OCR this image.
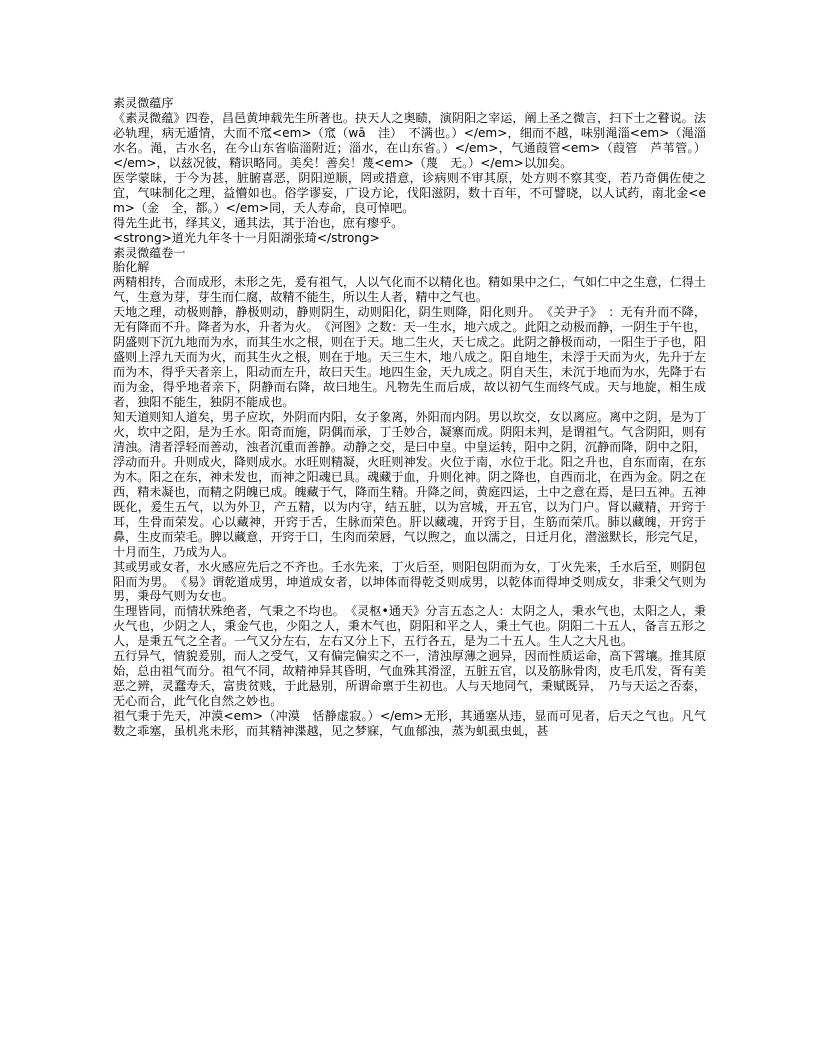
素灵微蕴序

《素灵微蕴》四卷，昌邑黄坤载先生所著也。抉天人之奥赜，演阴阳之宰运，阐上圣之微言，扫下士之瞽说。法必轨理，病无遁情，大而不窊<em>（窊（wā　洼）　不满也。）</em>，细而不越，味别渑淄<em>（渑淄　水名。渑，古水名，在今山东省临淄附近；淄水，在山东省。）</em>，气通葭管<em>（葭管　芦苇管。）</em>，以兹况彼，精识略同。美矣！善矣！蔑<em>（蔑　无。）</em>以加矣。

医学蒙昧，于今为甚，脏腑喜恶，阴阳逆顺，罔或措意，诊病则不审其原，处方则不察其变，若乃奇偶佐使之宜，气味制化之理，益懵如也。俗学谬妄，广设方论，伐阳滋阴，数十百年，不可譬晓，以人试药，南北金<em>（金　全，都。）</em>同，夭人寿命，良可悼吧。

得先生此书，绎其义，通其法，其于治也，庶有瘳乎。

<strong>道光九年冬十一月阳湖张琦</strong>

素灵微蕴卷一

胎化解

两精相抟，合而成形，未形之先，爰有祖气，人以气化而不以精化也。精如果中之仁，气如仁中之生意，仁得土气，生意为芽，芽生而仁腐，故精不能生，所以生人者，精中之气也。

天地之理，动极则静，静极则动，静则阴生，动则阳化，阴生则降，阳化则升。　《关尹子》　：无有升而不降，无有降而不升。降者为水，升者为火。　《河图》之数：天一生水，地六成之。此阳之动极而静，一阴生于午也，阴盛则下沉九地而为水，而其生水之根，则在于天。地二生火，天七成之。此阴之静极而动，一阳生于子也，阳盛则上浮九天而为火，而其生火之根，则在于地。天三生木，地八成之。阳自地生，未浮于天而为火，先升于左而为木，得乎天者亲上，阳动而左升，故曰天生。地四生金，天九成之。阴自天生，未沉于地而为水，先降于右而为金，得乎地者亲下，阴静而右降，故曰地生。凡物先生而后成，故以初气生而终气成。天与地旋，相生成者，独阳不能生，独阴不能成也。

知天道则知人道矣，男子应坎，外阴而内阳，女子象离，外阳而内阴。男以坎交，女以离应。离中之阴，是为丁火，坎中之阳，是为壬水。阳奇而施，阴偶而承，丁壬妙合，凝寨而成。阴阳未判，是谓祖气。气含阴阳，则有清浊。清者浮轻而善动，浊者沉重而善静。动静之交，是曰中皇。中皇运转，阳中之阴，沉静而降，阴中之阳，浮动而升。升则成火，降则成水。水旺则精凝，火旺则神发。火位于南，水位于北。阳之升也，自东而南，在东为木。阳之在东，神未发也，而神之阳魂已具。魂藏于血，升则化神。阴之降也，自西而北，在西为金。阴之在西，精未凝也，而精之阴魄已成。魄藏于气，降而生精。升降之间，黄庭四运，土中之意在焉，是曰五神。五神既化，爰生五气，以为外卫，产五精，以为内守，结五脏，以为宫城，开五官，以为门户。肾以藏精，开窍于耳，生骨而荣发。心以藏神，开窍于舌，生脉而荣色。肝以藏魂，开窍于目，生筋而荣爪。肺以藏魄，开窍于鼻，生皮而荣毛。脾以藏意，开窍于口，生肉而荣唇，气以煦之，血以濡之，日迁月化，潜滋默长，形完气足，十月而生，乃成为人。

其或男或女者，水火感应先后之不齐也。壬水先来，丁火后至，则阳包阴而为女，丁火先来，壬水后至，则阴包阳而为男。　《易》谓乾道成男，坤道成女者，以坤体而得乾爻则成男，以乾体而得坤爻则成女，非秉父气则为男，秉母气则为女也。

生理皆同，而情状殊绝者，气秉之不均也。　《灵枢•通天》分言五态之人：太阴之人，秉水气也，太阳之人，秉火气也，少阴之人，秉金气也，少阳之人，秉木气也，阴阳和平之人，秉土气也。阴阳二十五人，备言五形之人，是秉五气之全者。一气又分左右，左右又分上下，五行各五，是为二十五人。生人之大凡也。

五行异气，情貌爰别，而人之受气，又有偏完偏实之不一，清浊厚薄之迥异，因而性质运命，高下霄壤。推其原始，总由祖气而分。祖气不同，故精神异其昏明，气血殊其滑涩，五脏五官，以及筋脉骨肉，皮毛爪发，胥有美恶之辨，灵蠢寿夭，富贵贫贱，于此悬别，所谓命禀于生初也。人与天地同气，秉赋既异，　乃与天运之否泰，无心而合，此气化自然之妙也。

祖气秉于先天，冲漠<em>（冲漠　恬静虚寂。）</em>无形，其通塞从违，显而可见者，后天之气也。凡气数之乖塞，虽机兆未形，而其精神渫越，见之梦寐，气血郁浊，蒸为虮虱虫虬，甚
